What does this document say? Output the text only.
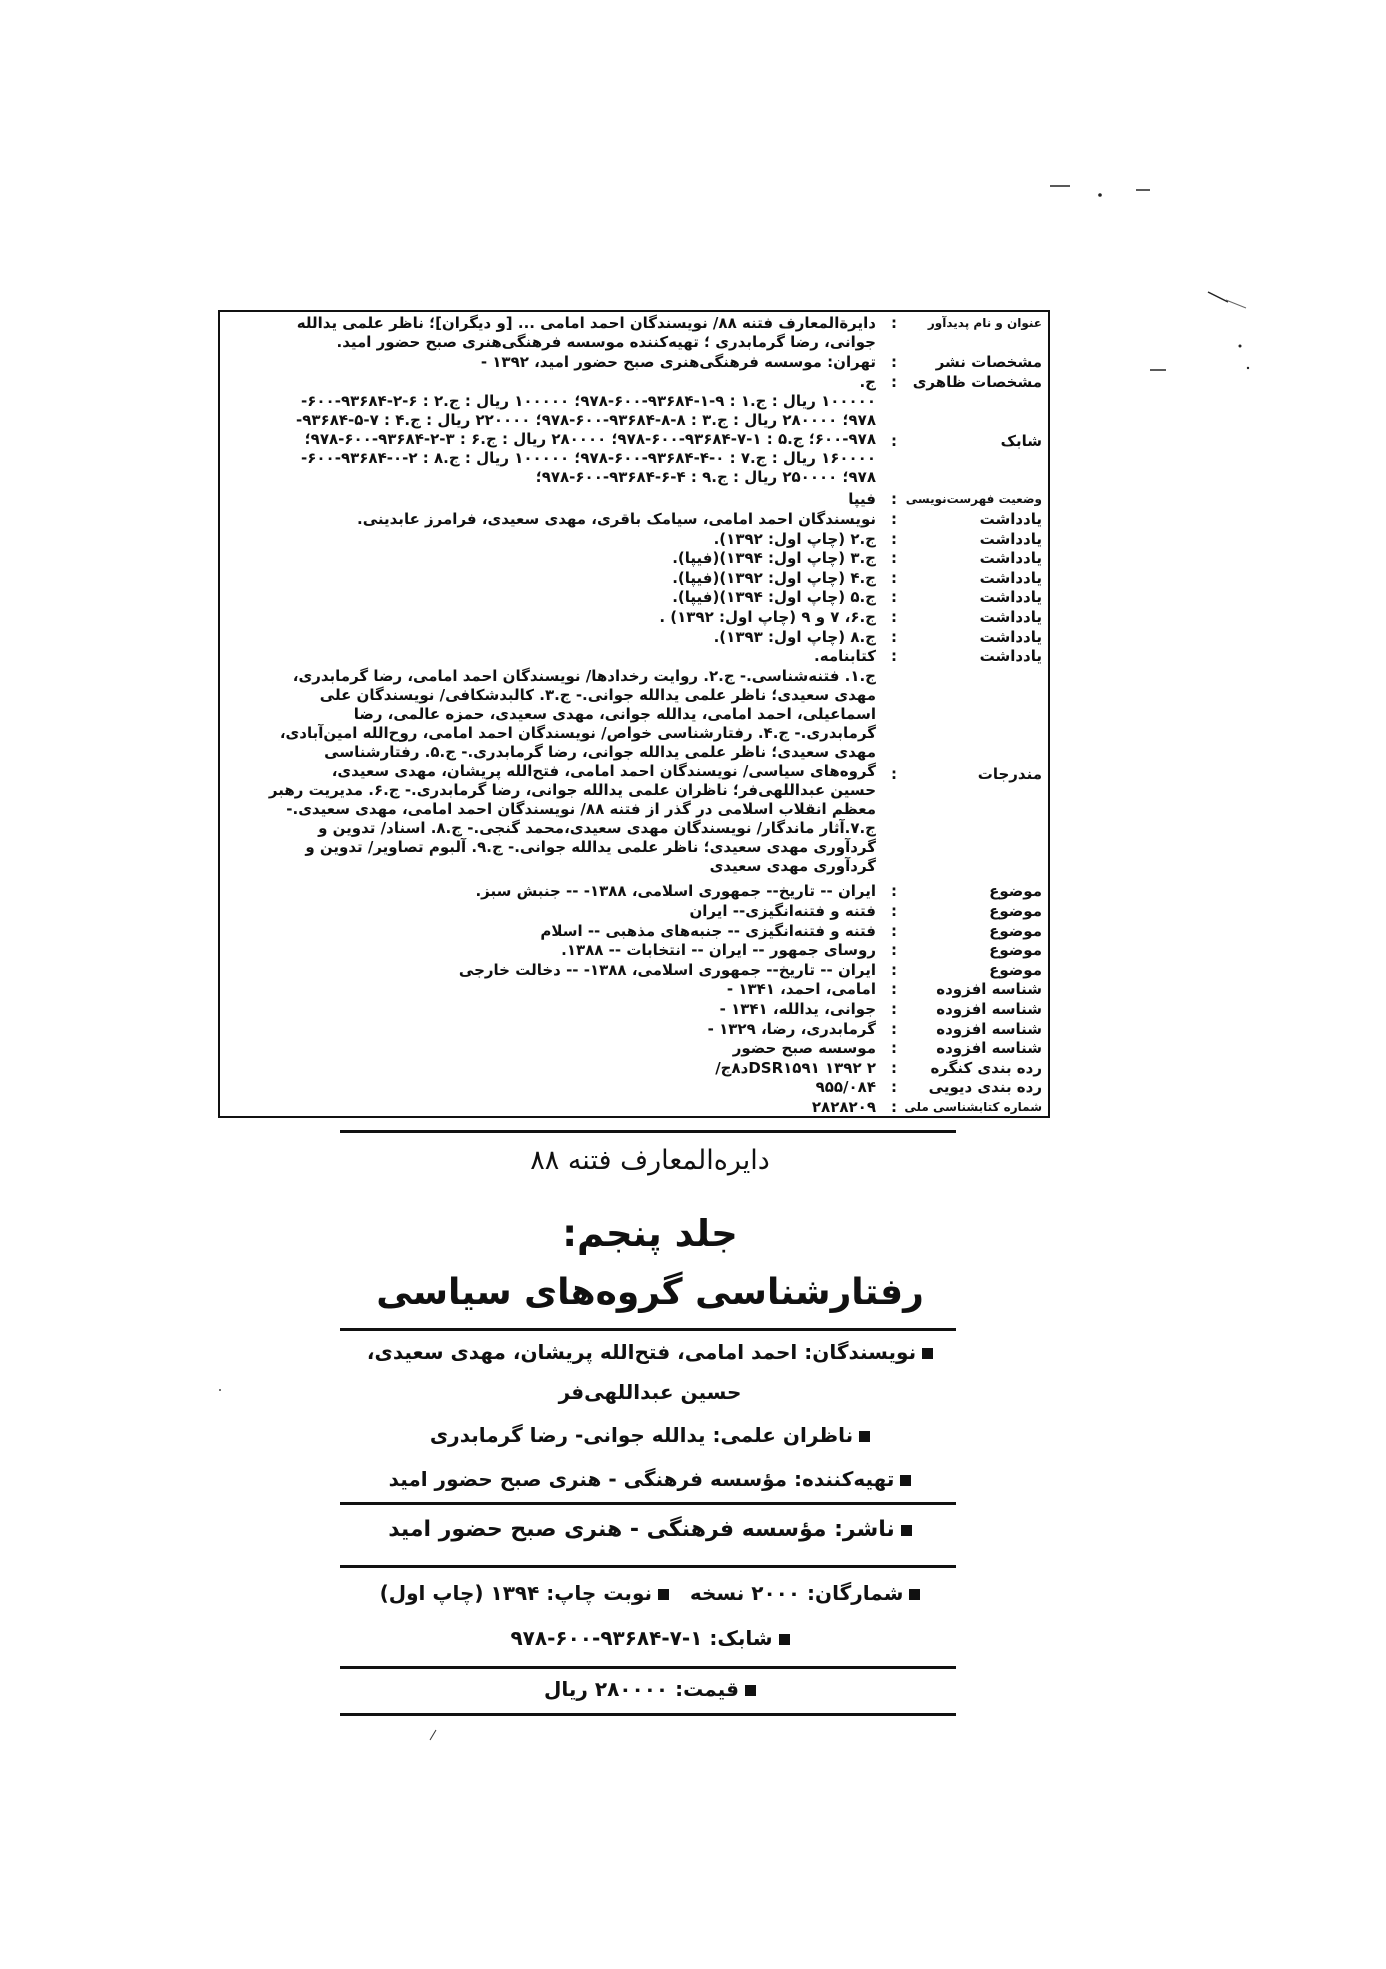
عنوان و نام پدیدآور
:
دایرةالمعارف فتنه ۸۸/ نویسندگان احمد امامی ... [و دیگران]؛ ناظر علمی یدالله
جوانی، رضا گرمابدری ؛ تهیه‌کننده موسسه فرهنگی‌هنری صبح حضور امید.
مشخصات نشر
:
تهران: موسسه فرهنگی‌هنری صبح حضور امید، ۱۳۹۲ -
مشخصات ظاهری
:
ج.
شابک
:
۱۰۰۰۰۰ ریال : ج.۱ : ۹-۱-۹۳۶۸۴-۶۰۰-۹۷۸؛ ۱۰۰۰۰۰ ریال : ج.۲ : ۶-۲-۹۳۶۸۴-۶۰۰-
۹۷۸؛ ۲۸۰۰۰۰ ریال : ج.۳ : ۸-۸-۹۳۶۸۴-۶۰۰-۹۷۸؛ ۲۲۰۰۰۰ ریال : ج.۴ : ۷-۵-۹۳۶۸۴-
۶۰۰-۹۷۸؛ ج.۵ : ۱-۷-۹۳۶۸۴-۶۰۰-۹۷۸؛ ۲۸۰۰۰۰ ریال : ج.۶ : ۳-۲-۹۳۶۸۴-۶۰۰-۹۷۸؛
۱۶۰۰۰۰ ریال : ج.۷ : ۰-۴-۹۳۶۸۴-۶۰۰-۹۷۸؛ ۱۰۰۰۰۰ ریال : ج.۸ : ۲-۰-۹۳۶۸۴-۶۰۰-
۹۷۸؛ ۲۵۰۰۰۰ ریال : ج.۹ : ۴-۶-۹۳۶۸۴-۶۰۰-۹۷۸؛
وضعیت فهرست‌نویسی
:
فیپا
یادداشت
:
نویسندگان احمد امامی، سیامک باقری، مهدی سعیدی، فرامرز عابدینی.
یادداشت
:
ج.۲ (چاپ اول: ۱۳۹۲).
یادداشت
:
ج.۳ (چاپ اول: ۱۳۹۴)(فیپا).
یادداشت
:
ج.۴ (چاپ اول: ۱۳۹۲)(فیپا).
یادداشت
:
ج.۵ (چاپ اول: ۱۳۹۴)(فیپا).
یادداشت
:
ج.۶، ۷ و ۹ (چاپ اول: ۱۳۹۲) .
یادداشت
:
ج.۸ (چاپ اول: ۱۳۹۳).
یادداشت
:
کتابنامه.
مندرجات
:
ج.۱. فتنه‌شناسی.- ج.۲. روایت رخدادها/ نویسندگان احمد امامی، رضا گرمابدری،
مهدی سعیدی؛ ناظر علمی یدالله جوانی.- ج.۳. کالبدشکافی/ نویسندگان علی
اسماعیلی، احمد امامی، یدالله جوانی، مهدی سعیدی، حمزه عالمی، رضا
گرمابدری.- ج.۴. رفتارشناسی خواص/ نویسندگان احمد امامی، روح‌الله امین‌آبادی،
مهدی سعیدی؛ ناظر علمی یدالله جوانی، رضا گرمابدری.- ج.۵. رفتارشناسی
گروه‌های سیاسی/ نویسندگان احمد امامی، فتح‌الله پریشان، مهدی سعیدی،
حسین عبداللهی‌فر؛ ناظران علمی یدالله جوانی، رضا گرمابدری.- ج.۶. مدیریت رهبر
معظم انقلاب اسلامی در گذر از فتنه ۸۸/ نویسندگان احمد امامی، مهدی سعیدی.-
ج.۷.آثار ماندگار/ نویسندگان مهدی سعیدی،محمد گنجی.- ج.۸. اسناد/ تدوین و
گردآوری مهدی سعیدی؛ ناظر علمی یدالله جوانی.- ج.۹. آلبوم تصاویر/ تدوین و
گردآوری مهدی سعیدی
موضوع
:
ایران -- تاریخ-- جمهوری اسلامی، ۱۳۸۸- -- جنبش سبز.
موضوع
:
فتنه و فتنه‌انگیزی-- ایران
موضوع
:
فتنه و فتنه‌انگیزی -- جنبه‌های مذهبی -- اسلام
موضوع
:
روسای جمهور -- ایران -- انتخابات -- ۱۳۸۸.
موضوع
:
ایران -- تاریخ-- جمهوری اسلامی، ۱۳۸۸- -- دخالت خارجی
شناسه افزوده
:
امامی، احمد، ۱۳۴۱ -
شناسه افزوده
:
جوانی، یدالله، ۱۳۴۱ -
شناسه افزوده
:
گرمابدری، رضا، ۱۳۲۹ -
شناسه افزوده
:
موسسه صبح حضور
رده بندی کنگره
:
DSR۱۵۹۱ ۱۳۹۲ ۲د۸ج/
رده بندی دیویی
:
۹۵۵/۰۸۴
شماره کتابشناسی ملی
:
۲۸۲۸۲۰۹
دایره‌المعارف فتنه ۸۸
جلد پنجم:
رفتارشناسی گروه‌های سیاسی
نویسندگان: احمد امامی، فتح‌الله پریشان، مهدی سعیدی،
حسین عبداللهی‌فر
ناظران علمی: یدالله جوانی- رضا گرمابدری
تهیه‌کننده: مؤسسه فرهنگی - هنری صبح حضور امید
ناشر: مؤسسه فرهنگی - هنری صبح حضور امید
شمارگان: ۲۰۰۰ نسخه   نوبت چاپ: ۱۳۹۴ (چاپ اول)
شابک: ۱-۷-۹۳۶۸۴-۶۰۰-۹۷۸
قیمت: ۲۸۰۰۰۰ ریال
